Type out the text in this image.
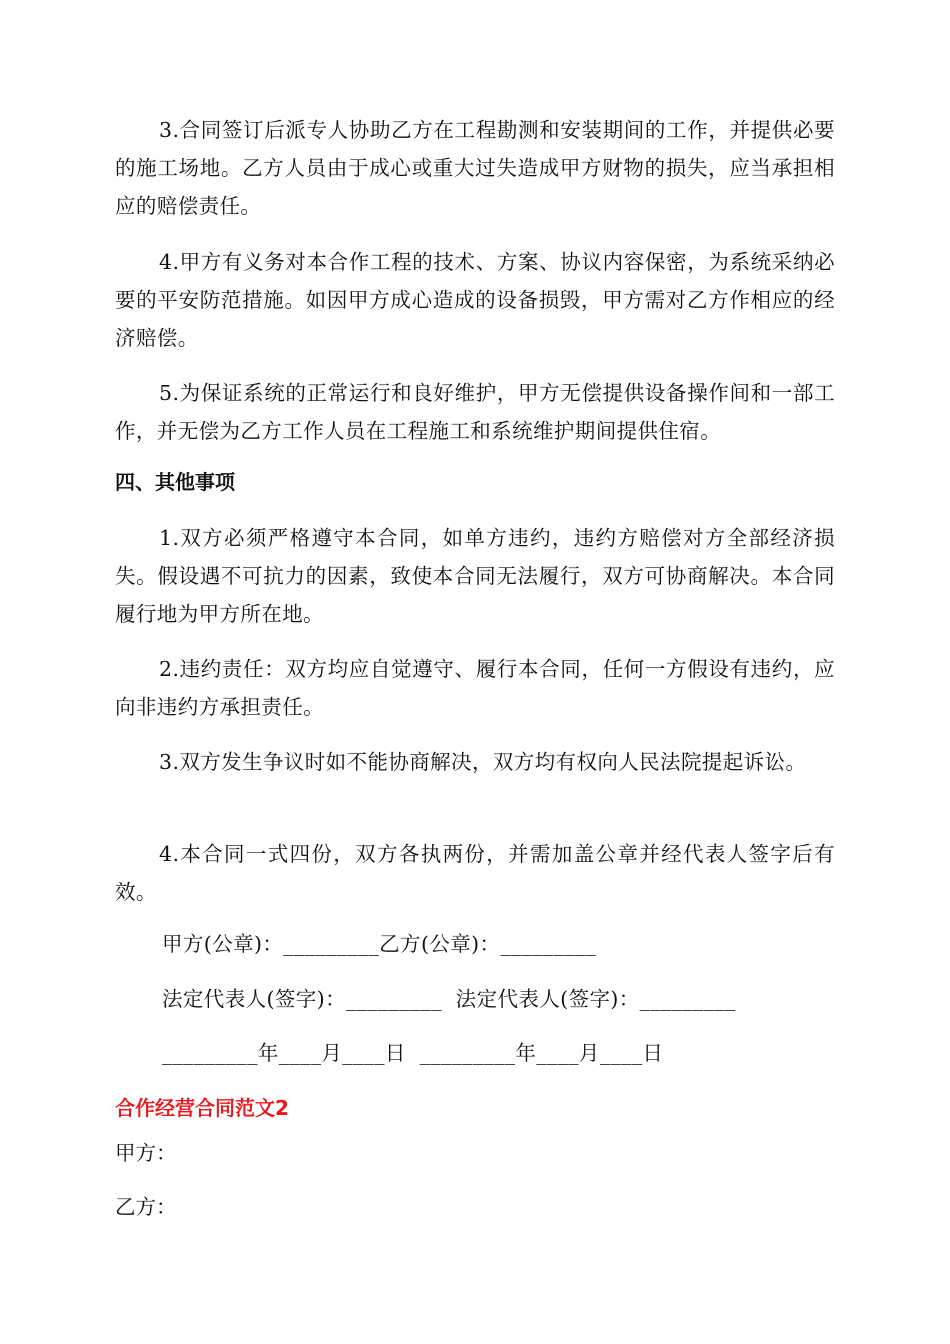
3.合同签订后派专人协助乙方在工程勘测和安装期间的工作，并提供必要的施工场地。乙方人员由于成心或重大过失造成甲方财物的损失，应当承担相应的赔偿责任。

4.甲方有义务对本合作工程的技术、方案、协议内容保密，为系统采纳必要的平安防范措施。如因甲方成心造成的设备损毁，甲方需对乙方作相应的经济赔偿。

5.为保证系统的正常运行和良好维护，甲方无偿提供设备操作间和一部工作，并无偿为乙方工作人员在工程施工和系统维护期间提供住宿。

四、其他事项

1.双方必须严格遵守本合同，如单方违约，违约方赔偿对方全部经济损失。假设遇不可抗力的因素，致使本合同无法履行，双方可协商解决。本合同履行地为甲方所在地。

2.违约责任：双方均应自觉遵守、履行本合同，任何一方假设有违约，应向非违约方承担责任。

3.双方发生争议时如不能协商解决，双方均有权向人民法院提起诉讼。

4.本合同一式四份，双方各执两份，并需加盖公章并经代表人签字后有效。

甲方(公章)：_________乙方(公章)：_________

法定代表人(签字)：_________  法定代表人(签字)：_________

_________年____月____日  _________年____月____日

合作经营合同范文2

甲方：

乙方：
